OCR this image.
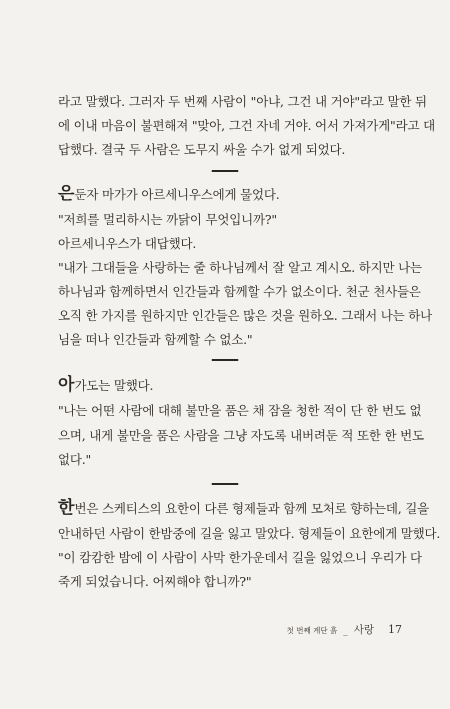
라고 말했다. 그러자 두 번째 사람이 "아냐, 그건 내 거야"라고 말한 뒤
에 이내 마음이 불편해져 "맞아, 그건 자네 거야. 어서 가져가게"라고 대
답했다. 결국 두 사람은 도무지 싸울 수가 없게 되었다.
은둔자 마가가 아르세니우스에게 물었다.
"저희를 멀리하시는 까닭이 무엇입니까?"
아르세니우스가 대답했다.
"내가 그대들을 사랑하는 줄 하나님께서 잘 알고 계시오. 하지만 나는
하나님과 함께하면서 인간들과 함께할 수가 없소이다. 천군 천사들은
오직 한 가지를 원하지만 인간들은 많은 것을 원하오. 그래서 나는 하나
님을 떠나 인간들과 함께할 수 없소."
아가도는 말했다.
"나는 어떤 사람에 대해 불만을 품은 채 잠을 청한 적이 단 한 번도 없
으며, 내게 불만을 품은 사람을 그냥 자도록 내버려둔 적 또한 한 번도
없다."
한번은 스케티스의 요한이 다른 형제들과 함께 모처로 향하는데, 길을
안내하던 사람이 한밤중에 길을 잃고 말았다. 형제들이 요한에게 말했다.
"이 캄캄한 밤에 이 사람이 사막 한가운데서 길을 잃었으니 우리가 다
죽게 되었습니다. 어찌해야 합니까?"
첫 번째 계단 흙 _ 사랑 17
